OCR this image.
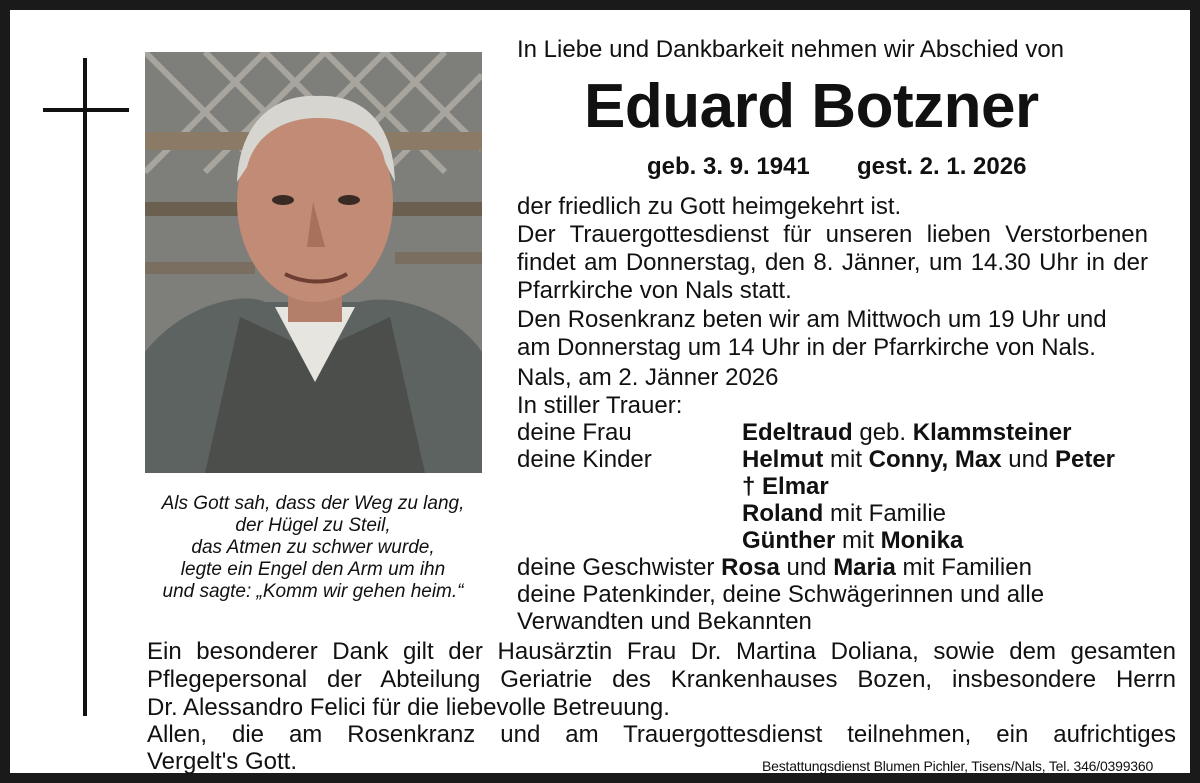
Als Gott sah, dass der Weg zu lang,
der Hügel zu Steil,
das Atmen zu schwer wurde,
legte ein Engel den Arm um ihn
und sagte: „Komm wir gehen heim.“
In Liebe und Dankbarkeit nehmen wir Abschied von
Eduard Botzner
geb. 3. 9. 1941 gest. 2. 1. 2026
der friedlich zu Gott heimgekehrt ist.
Der Trauergottesdienst für unseren lieben Verstorbenen
findet am Donnerstag, den 8. Jänner, um 14.30 Uhr in der
Pfarrkirche von Nals statt.
Den Rosenkranz beten wir am Mittwoch um 19 Uhr und
am Donnerstag um 14 Uhr in der Pfarrkirche von Nals.
Nals, am 2. Jänner 2026
In stiller Trauer:
deine Frau	Edeltraud geb. Klammsteiner
deine Kinder	Helmut mit Conny, Max und Peter
† Elmar
Roland mit Familie
Günther mit Monika
deine Geschwister Rosa und Maria mit Familien
deine Patenkinder, deine Schwägerinnen und alle
Verwandten und Bekannten
Ein besonderer Dank gilt der Hausärztin Frau Dr. Martina Doliana, sowie dem gesamten
Pflegepersonal der Abteilung Geriatrie des Krankenhauses Bozen, insbesondere Herrn
Dr. Alessandro Felici für die liebevolle Betreuung.
Allen, die am Rosenkranz und am Trauergottesdienst teilnehmen, ein aufrichtiges
Vergelt's Gott.	Bestattungsdienst Blumen Pichler, Tisens/Nals, Tel. 346/0399360
